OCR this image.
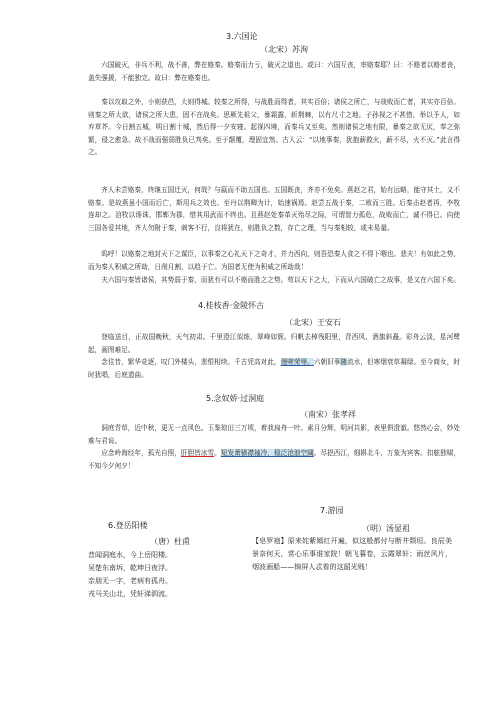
3.六国论
（北宋）苏洵
六国破灭，非兵不利，战不善，弊在赂秦。赂秦而力亏，破灭之道也。或曰：六国互丧，率赂秦耶？曰：不赂者以赂者丧，盖失强援，不能独完。故曰：弊在赂秦也。
秦以攻取之外，小则获邑，大则得城。较秦之所得，与战胜而得者，其实百倍；诸侯之所亡，与战败而亡者，其实亦百倍。则秦之所大欲，诸侯之所大患，固不在战矣。思厥先祖父，暴霜露，斩荆棘，以有尺寸之地。子孙视之不甚惜，举以予人，如弃草芥。今日割五城，明日割十城，然后得一夕安寝。起视四境，而秦兵又至矣。然则诸侯之地有限，暴秦之欲无厌，奉之弥繁，侵之愈急。故不战而强弱胜负已判矣。至于颠覆，理固宜然。古人云：“以地事秦，犹抱薪救火，薪不尽，火不灭。”此言得之。
齐人未尝赂秦，终继五国迁灭，何哉？与嬴而不助五国也。五国既丧，齐亦不免矣。燕赵之君，始有远略，能守其土，义不赂秦。是故燕虽小国而后亡，斯用兵之效也。至丹以荆卿为计，始速祸焉。赵尝五战于秦，二败而三胜。后秦击赵者再，李牧连却之。洎牧以谗诛，邯郸为郡，惜其用武而不终也。且燕赵处秦革灭殆尽之际，可谓智力孤危，战败而亡，诚不得已。向使三国各爱其地，齐人勿附于秦，刺客不行，良将犹在，则胜负之数，存亡之理，当与秦相较，或未易量。
呜呼！以赂秦之地封天下之谋臣，以事秦之心礼天下之奇才，并力西向，则吾恐秦人食之不得下咽也。悲夫！有如此之势，而为秦人积威之所劫，日削月割，以趋于亡。为国者无使为积威之所劫哉！
夫六国与秦皆诸侯，其势弱于秦，而犹有可以不赂而胜之之势。苟以天下之大，下而从六国破亡之故事，是又在六国下矣。
4.桂枝香·金陵怀古
（北宋）王安石
登临送目，正故国晚秋，天气初肃。千里澄江似练，翠峰如簇。归帆去棹残阳里，背西风、酒旗斜矗。彩舟云淡，星河鹭起，画图难足。
念往昔，繁华竞逐，叹门外楼头，悲恨相续。千古凭高对此，谩嗟荣辱。六朝旧事随流水，但寒烟衰草凝绿。至今商女，时时犹唱，后庭遗曲。
5.念奴娇·过洞庭
（南宋）张孝祥
洞庭青草，近中秋，更无一点风色。玉鉴琼田三万顷，着我扁舟一叶。素月分辉，明河共影，表里俱澄澈。悠然心会，妙处难与君说。
应念岭海经年，孤光自照，肝胆皆冰雪。短发萧骚襟袖冷，稳泛沧浪空阔。尽挹西江，细斟北斗，万象为宾客。扣舷独啸，不知今夕何夕！
6.登岳阳楼
（唐）杜甫
昔闻洞庭水，今上岳阳楼。
吴楚东南坼，乾坤日夜浮。
亲朋无一字，老病有孤舟。
戎马关山北，凭轩涕泗流。
7.游园
（明）汤显祖
【皂罗袍】原来姹紫嫣红开遍，似这般都付与断井颓垣。良辰美景奈何天，赏心乐事谁家院！朝飞暮卷，云霞翠轩；雨丝风片，烟波画船——锦屏人忒看的这韶光贱！
